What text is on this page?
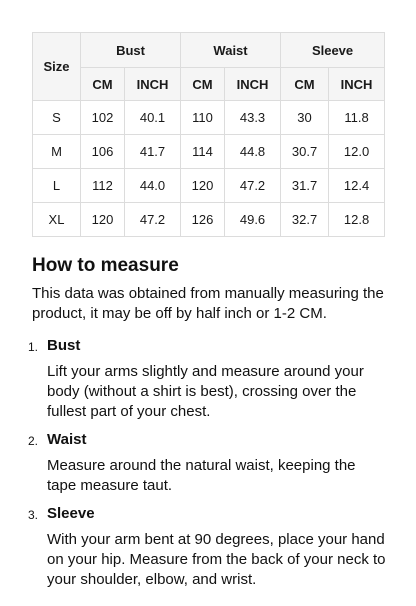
Size	Bust		Waist		Sleeve	
	CM	INCH	CM	INCH	CM	INCH
S	102	40.1	110	43.3	30	11.8
M	106	41.7	114	44.8	30.7	12.0
L	112	44.0	120	47.2	31.7	12.4
XL	120	47.2	126	49.6	32.7	12.8
How to measure

This data was obtained from manually measuring the product, it may be off by half inch or 1-2 CM.

1. Bust
Lift your arms slightly and measure around your body (without a shirt is best), crossing over the fullest part of your chest.
2. Waist
Measure around the natural waist, keeping the tape measure taut.
3. Sleeve
With your arm bent at 90 degrees, place your hand on your hip. Measure from the back of your neck to your shoulder, elbow, and wrist.
